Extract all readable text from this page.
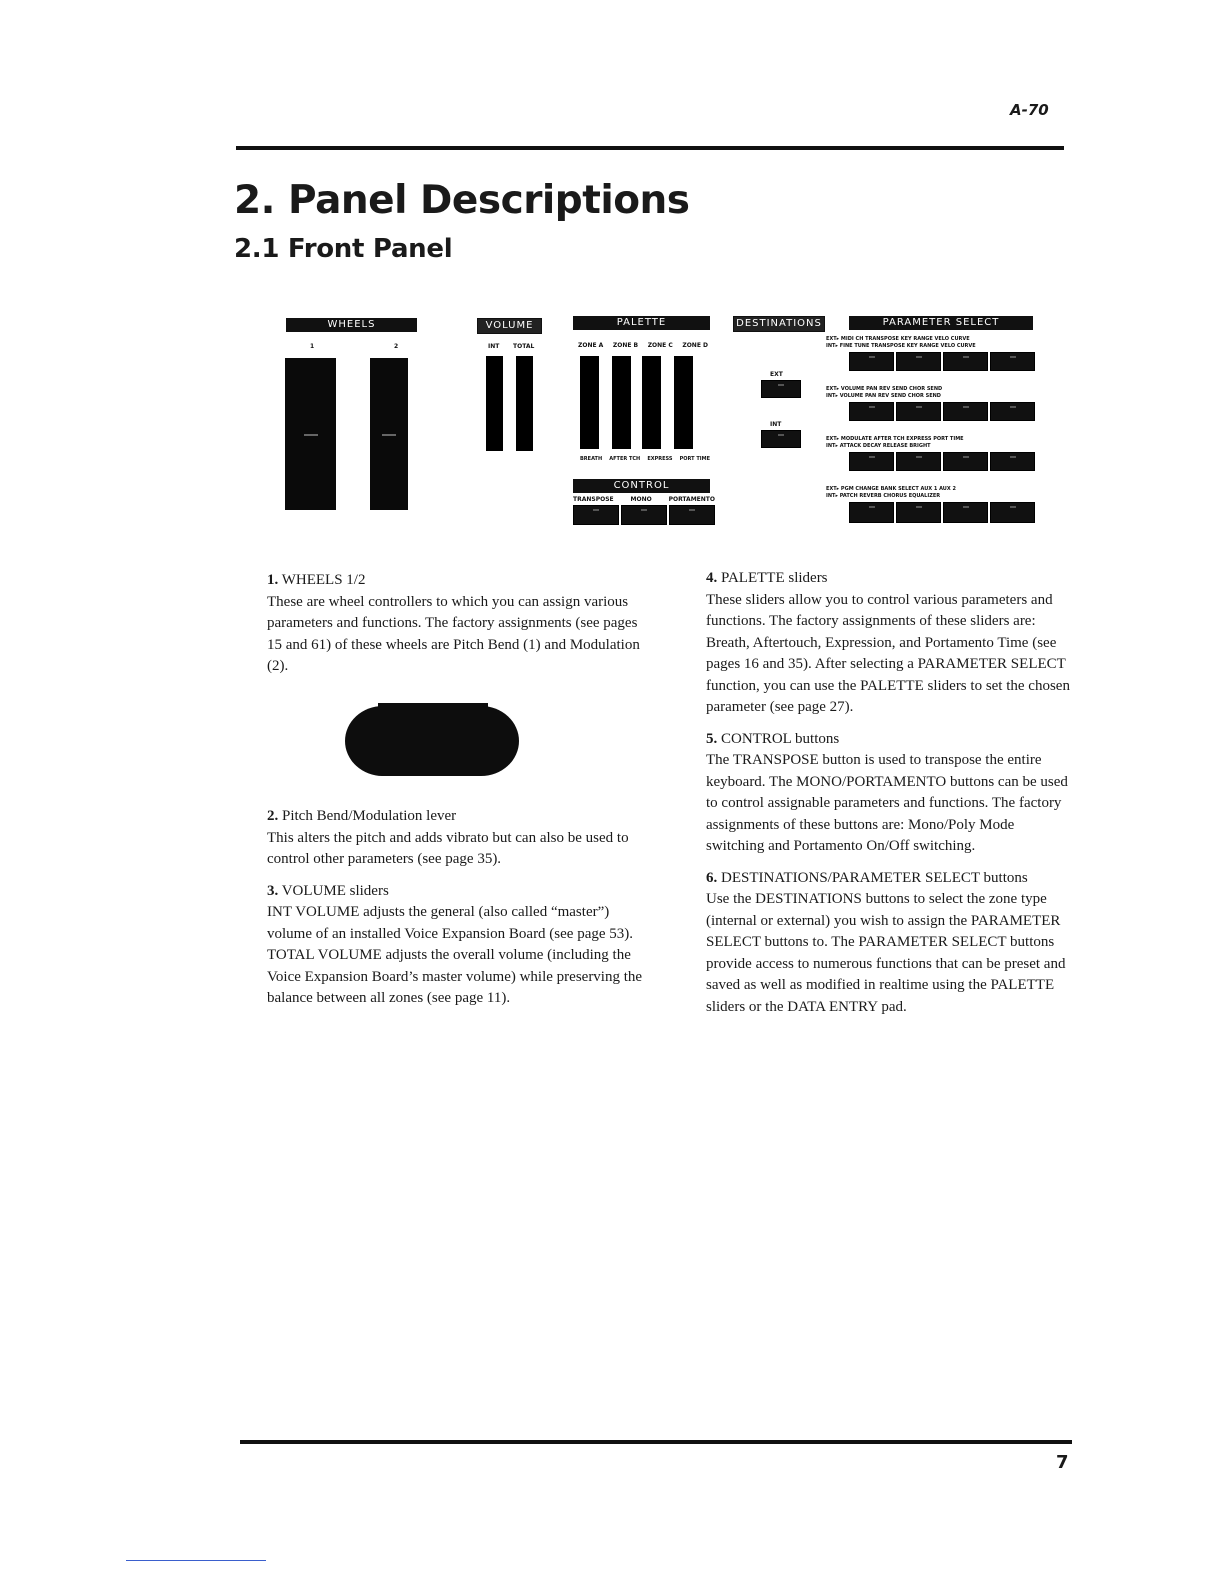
A-70
2. Panel Descriptions
2.1 Front Panel
WHEELS
1	2
VOLUME
INT TOTAL
PALETTE
ZONE A ZONE B ZONE C ZONE D
BREATH AFTER TCH EXPRESS PORT TIME
CONTROL
TRANSPOSE	MONO	PORTAMENTO
DESTINATIONS
EXT
INT
PARAMETER SELECT
EXT▸ MIDI CH TRANSPOSE KEY RANGE VELO CURVE
INT▸ FINE TUNE TRANSPOSE KEY RANGE VELO CURVE
EXT▸ VOLUME PAN REV SEND CHOR SEND
INT▸ VOLUME PAN REV SEND CHOR SEND
EXT▸ MODULATE AFTER TCH EXPRESS PORT TIME
INT▸ ATTACK DECAY RELEASE BRIGHT
EXT▸ PGM CHANGE BANK SELECT AUX 1 AUX 2
INT▸ PATCH REVERB CHORUS EQUALIZER

1. WHEELS 1/2

These are wheel controllers to which you can assign various parameters and functions. The factory assignments (see pages 15 and 61) of these wheels are Pitch Bend (1) and Modulation (2).

2. Pitch Bend/Modulation lever

This alters the pitch and adds vibrato but can also be used to control other parameters (see page 35).

3. VOLUME sliders

INT VOLUME adjusts the general (also called “master”) volume of an installed Voice Expansion Board (see page 53). TOTAL VOLUME adjusts the overall volume (including the Voice Expansion Board’s master volume) while preserving the balance between all zones (see page 11).

4. PALETTE sliders

These sliders allow you to control various parameters and functions. The factory assignments of these sliders are: Breath, Aftertouch, Expression, and Portamento Time (see pages 16 and 35). After selecting a PARAMETER SELECT function, you can use the PALETTE sliders to set the chosen parameter (see page 27).

5. CONTROL buttons

The TRANSPOSE button is used to transpose the entire keyboard. The MONO/PORTAMENTO buttons can be used to control assignable parameters and functions. The factory assignments of these buttons are: Mono/Poly Mode switching and Portamento On/Off switching.

6. DESTINATIONS/PARAMETER SELECT buttons

Use the DESTINATIONS buttons to select the zone type (internal or external) you wish to assign the PARAMETER SELECT buttons to. The PARAMETER SELECT buttons provide access to numerous functions that can be preset and saved as well as modified in realtime using the PALETTE sliders or the DATA ENTRY pad.

7
